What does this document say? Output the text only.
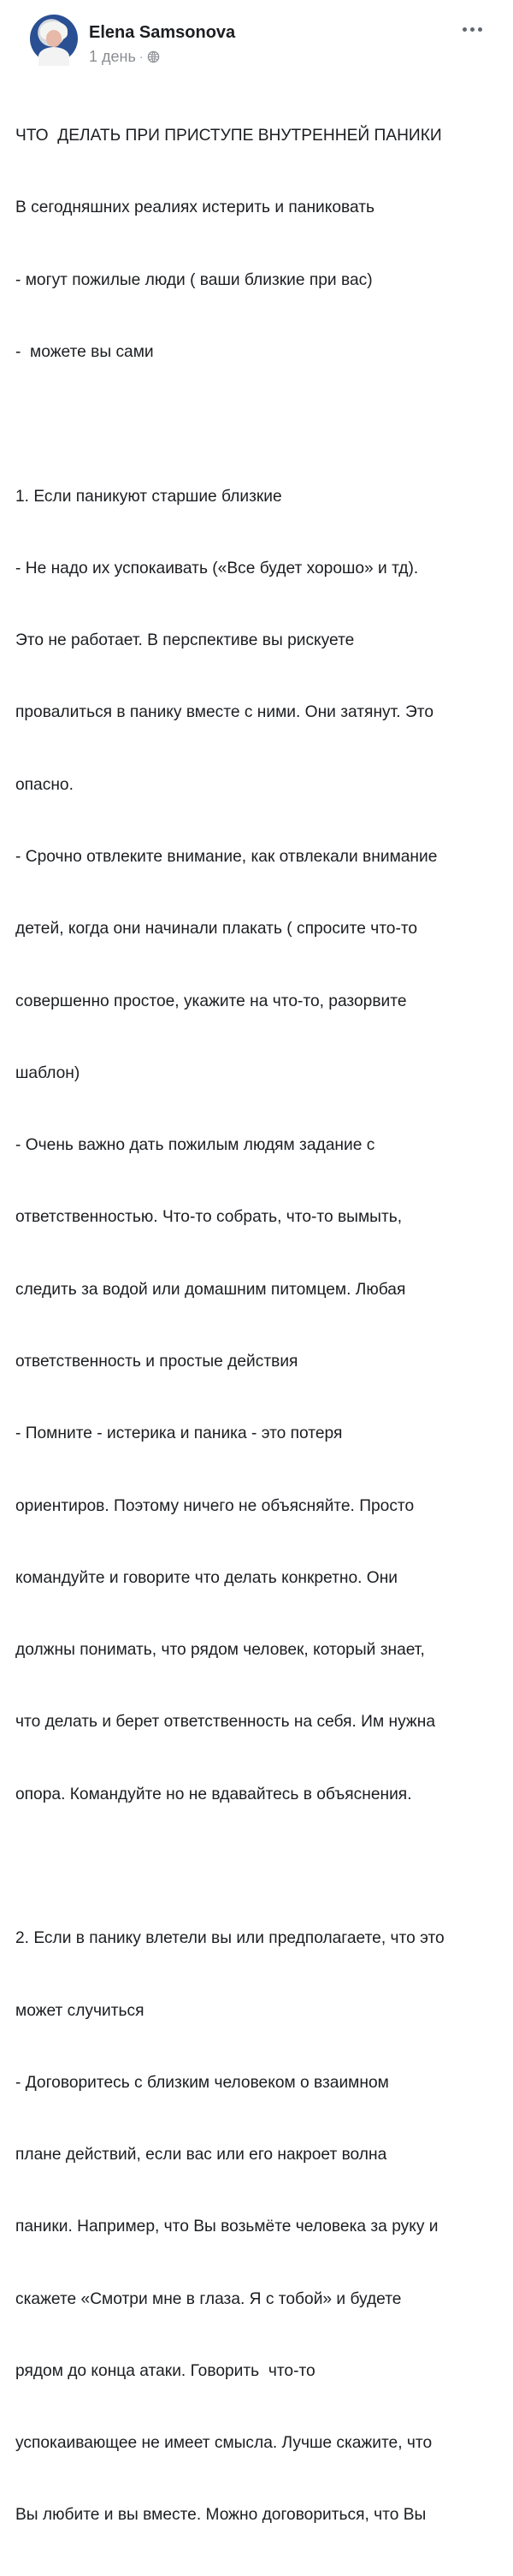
Elena Samsonova
1 день ·

ЧТО  ДЕЛАТЬ ПРИ ПРИСТУПЕ ВНУТРЕННЕЙ ПАНИКИ

В сегодняшних реалиях истерить и паниковать

- могут пожилые люди ( ваши близкие при вас)

-  можете вы сами

1. Если паникуют старшие близкие

- Не надо их успокаивать («Все будет хорошо» и тд).

Это не работает. В перспективе вы рискуете

провалиться в панику вместе с ними. Они затянут. Это

опасно.

- Срочно отвлеките внимание, как отвлекали внимание

детей, когда они начинали плакать ( спросите что-то

совершенно простое, укажите на что-то, разорвите

шаблон)

- Очень важно дать пожилым людям задание с

ответственностью. Что-то собрать, что-то вымыть,

следить за водой или домашним питомцем. Любая

ответственность и простые действия

- Помните - истерика и паника - это потеря

ориентиров. Поэтому ничего не объясняйте. Просто

командуйте и говорите что делать конкретно. Они

должны понимать, что рядом человек, который знает,

что делать и берет ответственность на себя. Им нужна

опора. Командуйте но не вдавайтесь в объяснения.

2. Если в панику влетели вы или предполагаете, что это

может случиться

- Договоритесь с близким человеком о взаимном

плане действий, если вас или его накроет волна

паники. Например, что Вы возьмёте человека за руку и

скажете «Смотри мне в глаза. Я с тобой» и будете

рядом до конца атаки. Говорить  что-то

успокаивающее не имеет смысла. Лучше скажите, что

Вы любите и вы вместе. Можно договориться, что Вы
